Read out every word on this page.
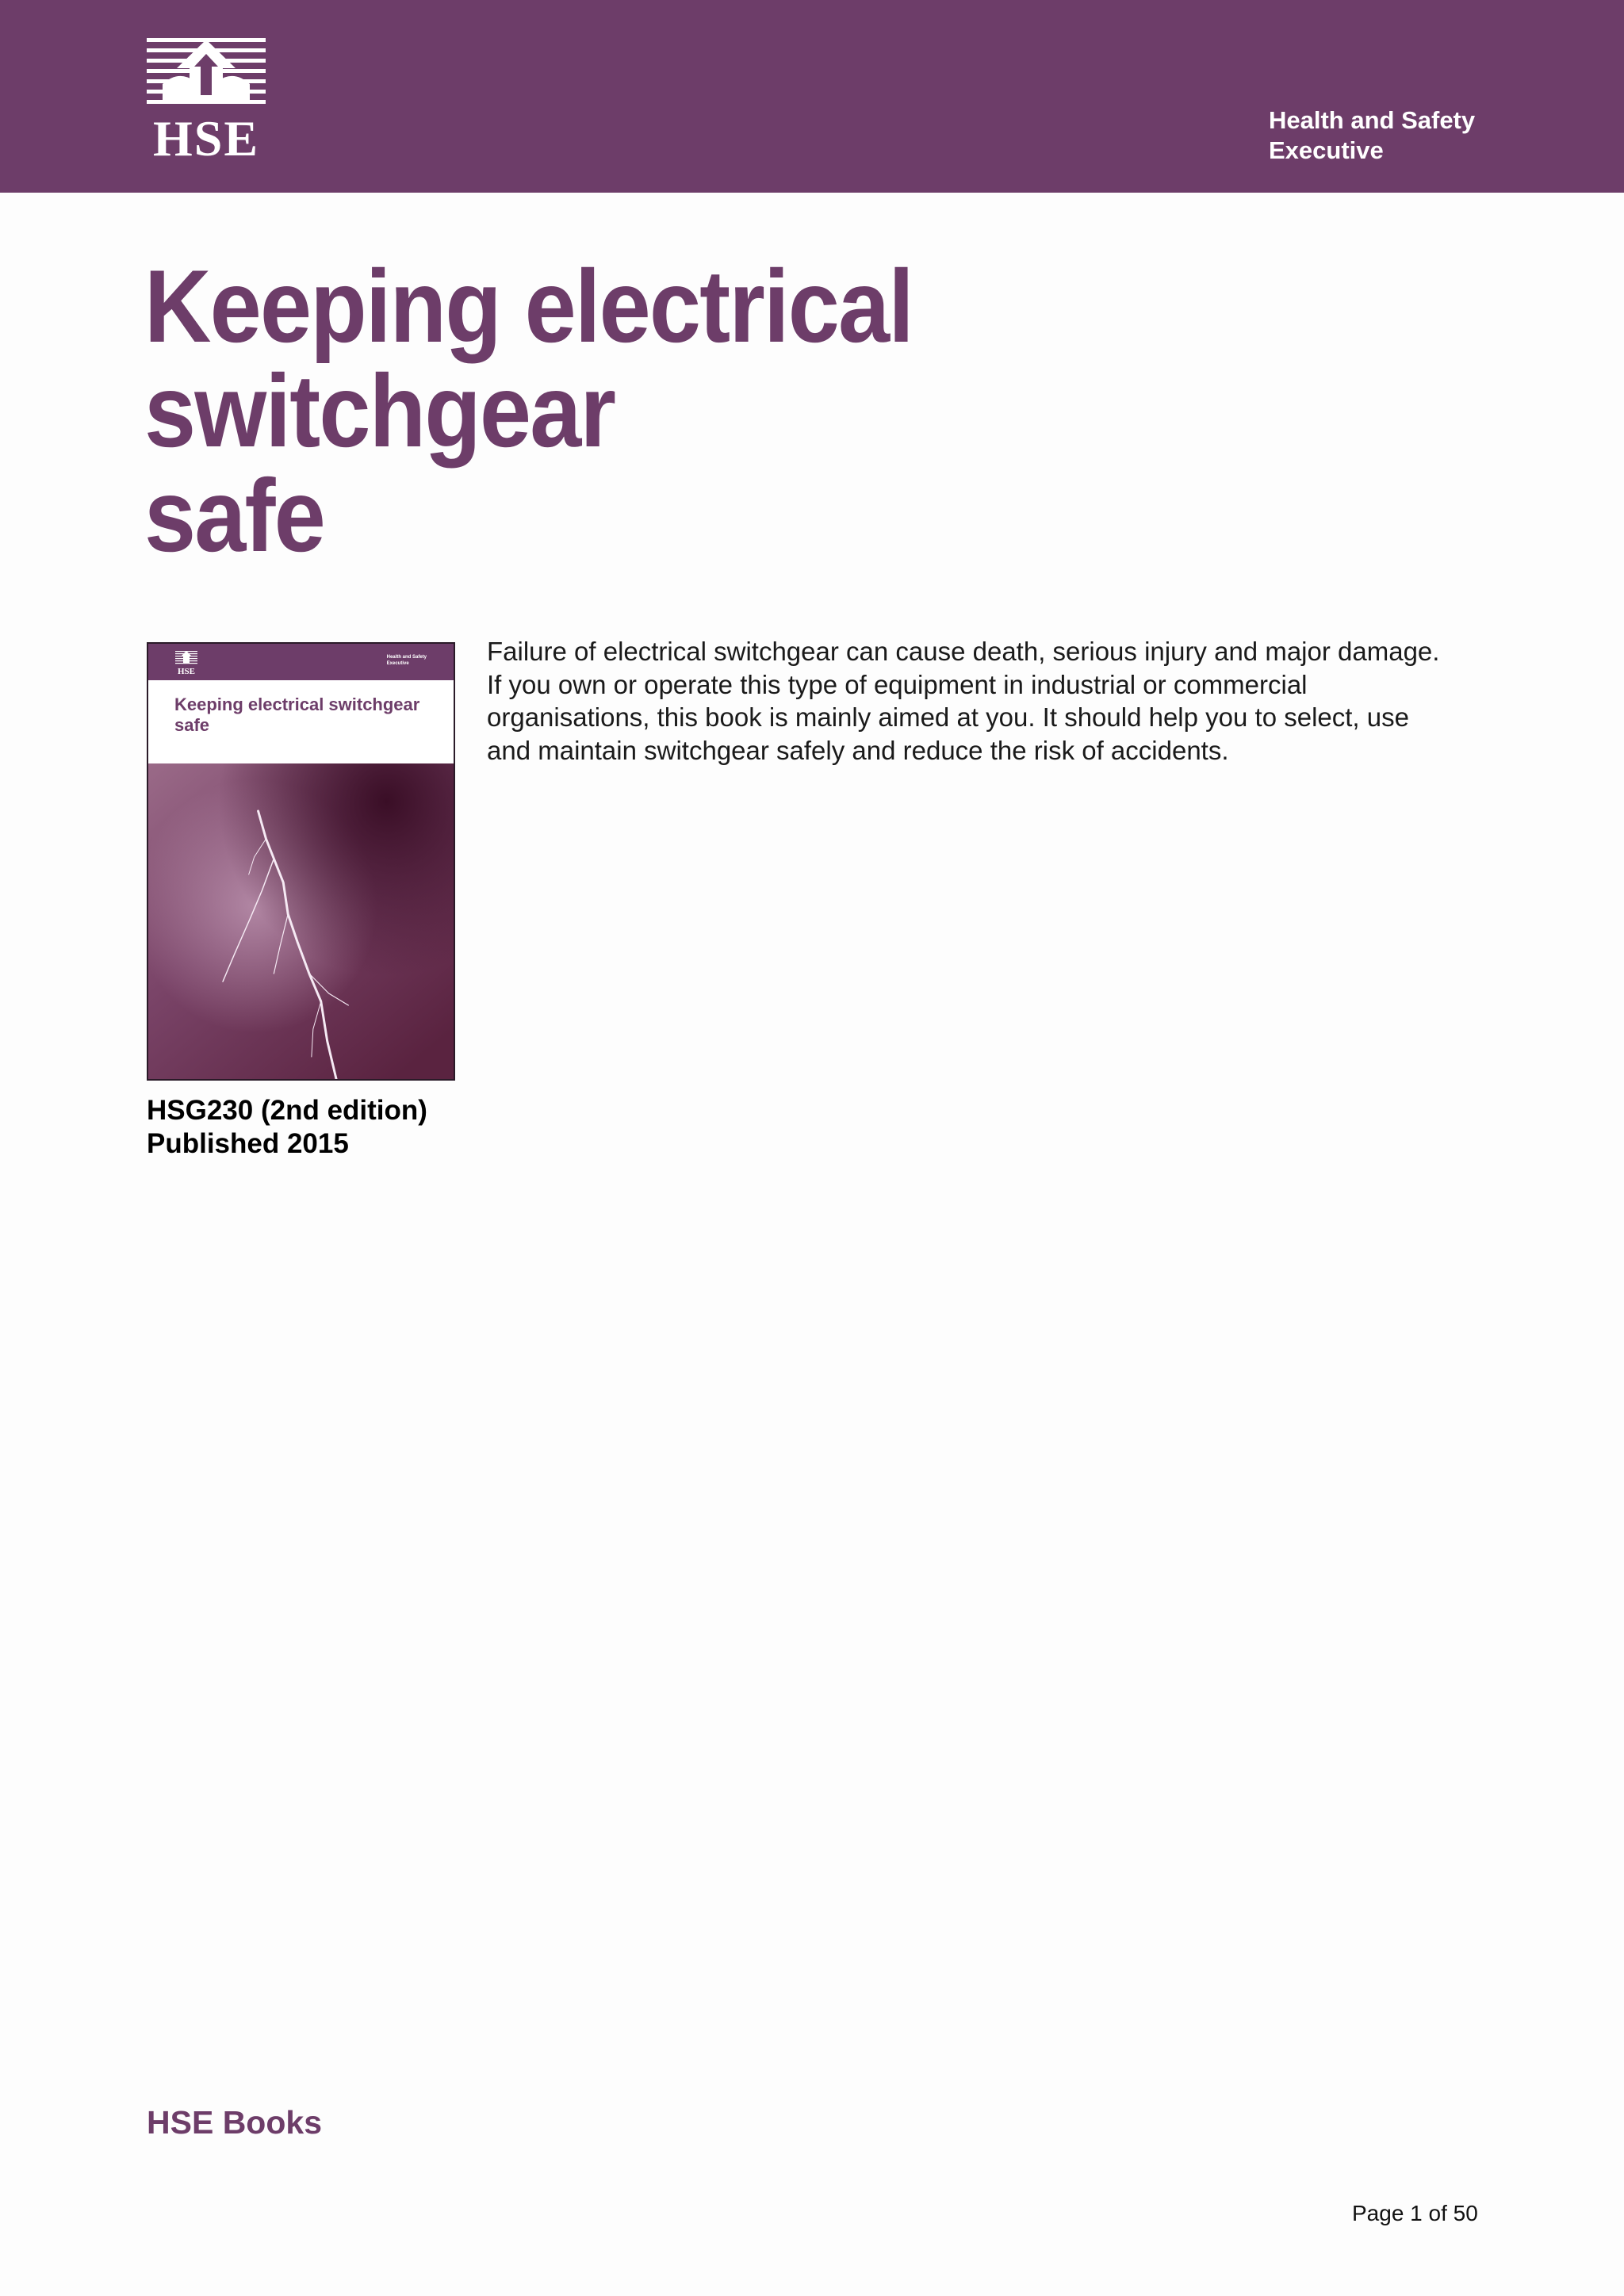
HSE	Health and Safety
Executive
Keeping electrical switchgear
safe
HSE
Health and Safety
Executive
Keeping electrical switchgear
safe
Failure of electrical switchgear can cause death, serious injury and major damage.
If you own or operate this type of equipment in industrial or commercial
organisations, this book is mainly aimed at you. It should help you to select, use
and maintain switchgear safely and reduce the risk of accidents.
HSG230 (2nd edition)
Published 2015
HSE Books
Page 1 of 50
